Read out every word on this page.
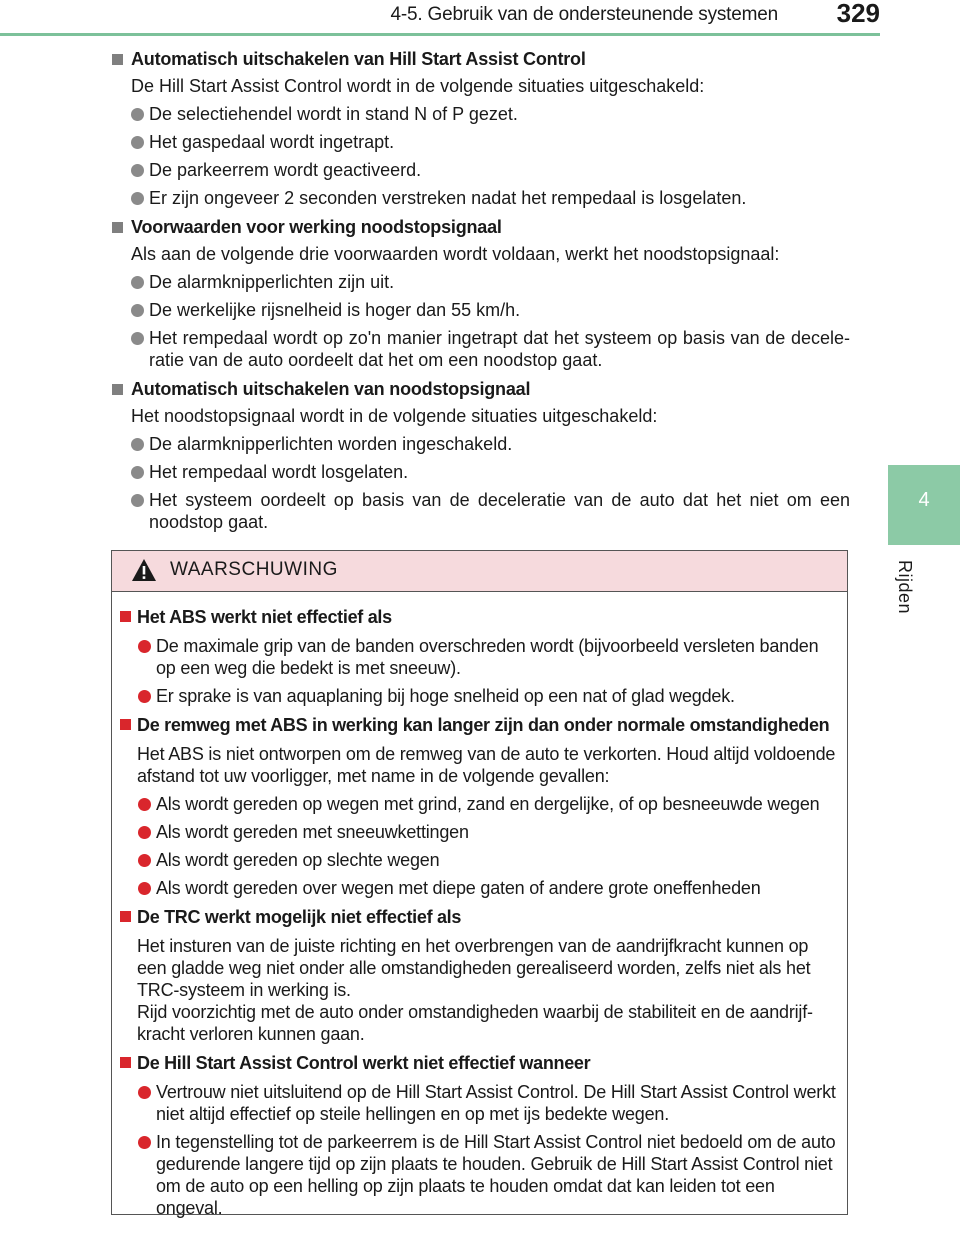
4-5. Gebruik van de ondersteunende systemen 329
4
Rijden
Automatisch uitschakelen van Hill Start Assist Control
De Hill Start Assist Control wordt in de volgende situaties uitgeschakeld:
De selectiehendel wordt in stand N of P gezet.
Het gaspedaal wordt ingetrapt.
De parkeerrem wordt geactiveerd.
Er zijn ongeveer 2 seconden verstreken nadat het rempedaal is losgelaten.
Voorwaarden voor werking noodstopsignaal
Als aan de volgende drie voorwaarden wordt voldaan, werkt het noodstopsignaal:
De alarmknipperlichten zijn uit.
De werkelijke rijsnelheid is hoger dan 55 km/h.
Het rempedaal wordt op zo'n manier ingetrapt dat het systeem op basis van de decele-ratie van de auto oordeelt dat het om een noodstop gaat.
Automatisch uitschakelen van noodstopsignaal
Het noodstopsignaal wordt in de volgende situaties uitgeschakeld:
De alarmknipperlichten worden ingeschakeld.
Het rempedaal wordt losgelaten.
Het systeem oordeelt op basis van de deceleratie van de auto dat het niet om een noodstop gaat.
WAARSCHUWING
Het ABS werkt niet effectief als
De maximale grip van de banden overschreden wordt (bijvoorbeeld versleten banden op een weg die bedekt is met sneeuw).
Er sprake is van aquaplaning bij hoge snelheid op een nat of glad wegdek.
De remweg met ABS in werking kan langer zijn dan onder normale omstandigheden
Het ABS is niet ontworpen om de remweg van de auto te verkorten. Houd altijd voldoende afstand tot uw voorligger, met name in de volgende gevallen:
Als wordt gereden op wegen met grind, zand en dergelijke, of op besneeuwde wegen
Als wordt gereden met sneeuwkettingen
Als wordt gereden op slechte wegen
Als wordt gereden over wegen met diepe gaten of andere grote oneffenheden
De TRC werkt mogelijk niet effectief als
Het insturen van de juiste richting en het overbrengen van de aandrijfkracht kunnen op een gladde weg niet onder alle omstandigheden gerealiseerd worden, zelfs niet als het TRC-systeem in werking is.
Rijd voorzichtig met de auto onder omstandigheden waarbij de stabiliteit en de aandrijf-kracht verloren kunnen gaan.
De Hill Start Assist Control werkt niet effectief wanneer
Vertrouw niet uitsluitend op de Hill Start Assist Control. De Hill Start Assist Control werkt niet altijd effectief op steile hellingen en op met ijs bedekte wegen.
In tegenstelling tot de parkeerrem is de Hill Start Assist Control niet bedoeld om de auto gedurende langere tijd op zijn plaats te houden. Gebruik de Hill Start Assist Control niet om de auto op een helling op zijn plaats te houden omdat dat kan leiden tot een ongeval.
